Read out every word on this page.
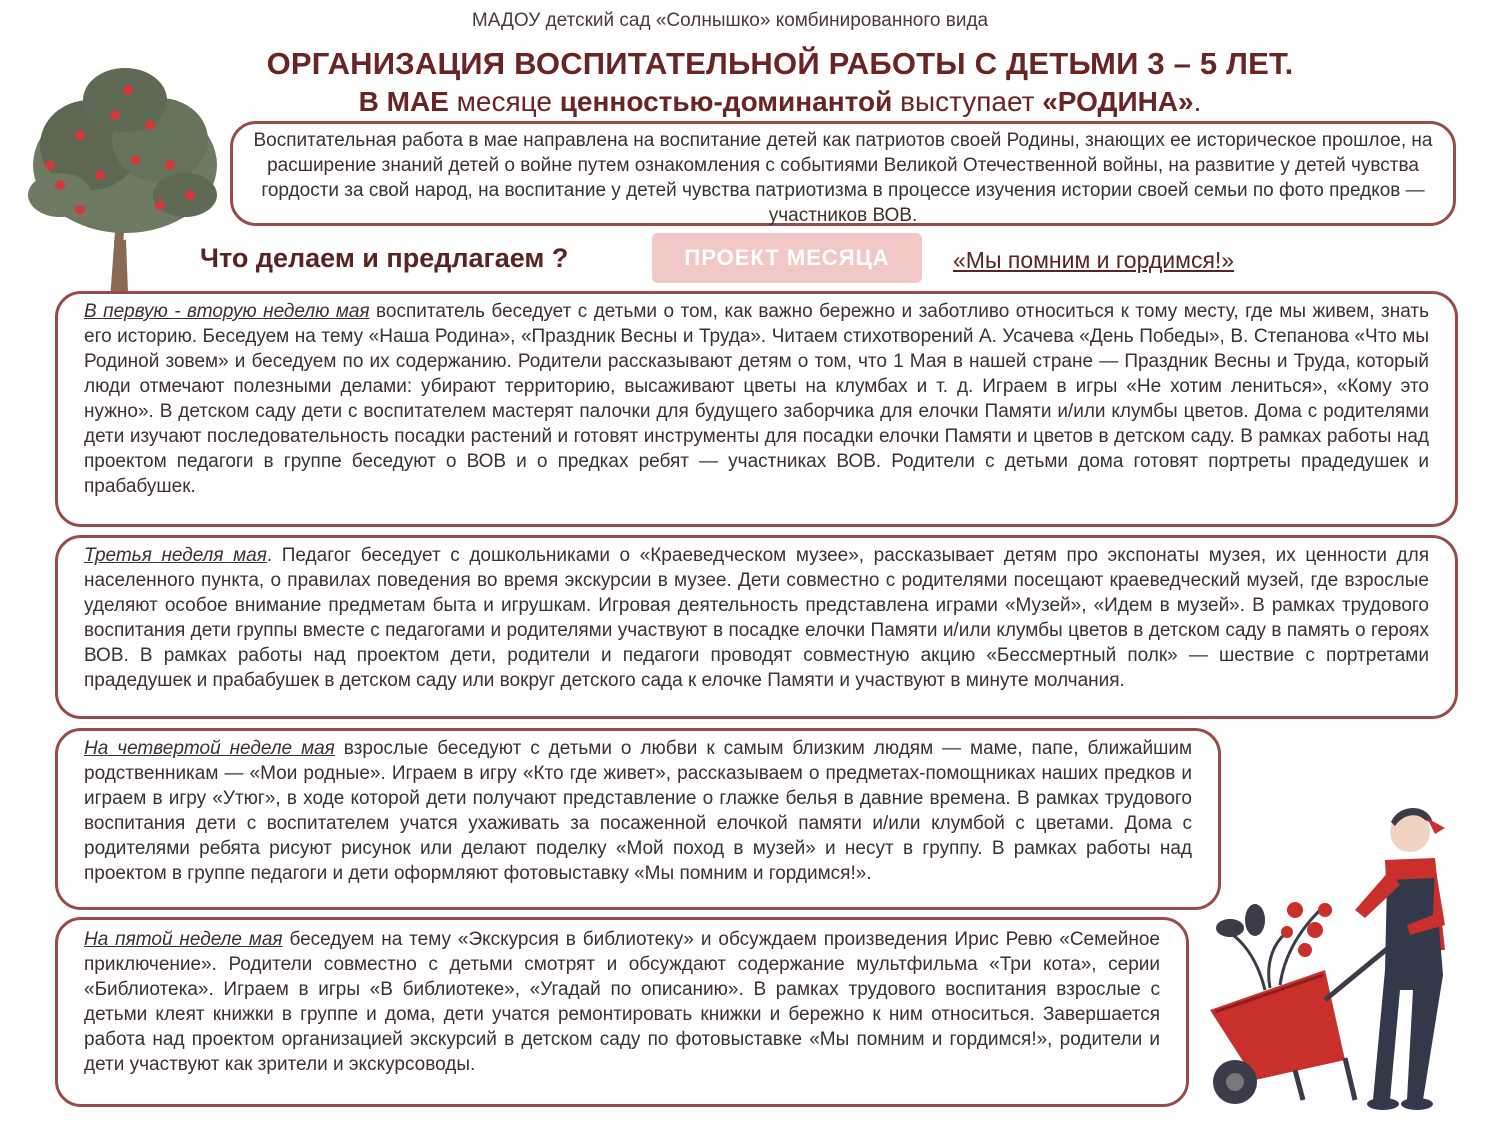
МАДОУ детский сад «Солнышко» комбинированного вида
ОРГАНИЗАЦИЯ ВОСПИТАТЕЛЬНОЙ РАБОТЫ С ДЕТЬМИ 3 – 5 ЛЕТ.
В МАЕ месяце ценностью-доминантой выступает «РОДИНА».
Воспитательная работа в мае направлена на воспитание детей как патриотов своей Родины, знающих ее историческое прошлое, на расширение знаний детей о войне путем ознакомления с событиями Великой Отечественной войны, на развитие у детей чувства гордости за свой народ, на воспитание у детей чувства патриотизма в процессе изучения истории своей семьи по фото предков — участников ВОВ.
Что делаем и предлагаем ?	ПРОЕКТ МЕСЯЦА	«Мы помним и гордимся!»
В первую - вторую неделю мая воспитатель беседует с детьми о том, как важно бережно и заботливо относиться к тому месту, где мы живем, знать его историю. Беседуем на тему «Наша Родина», «Праздник Весны и Труда». Читаем стихотворений А. Усачева «День Победы», В. Степанова «Что мы Родиной зовем» и беседуем по их содержанию. Родители рассказывают детям о том, что 1 Мая в нашей стране — Праздник Весны и Труда, который люди отмечают полезными делами: убирают территорию, высаживают цветы на клумбах и т. д. Играем в игры «Не хотим лениться», «Кому это нужно». В детском саду дети с воспитателем мастерят палочки для будущего заборчика для елочки Памяти и/или клумбы цветов. Дома с родителями дети изучают последовательность посадки растений и готовят инструменты для посадки елочки Памяти и цветов в детском саду. В рамках работы над проектом педагоги в группе беседуют о ВОВ и о предках ребят — участниках ВОВ. Родители с детьми дома готовят портреты прадедушек и прабабушек.
Третья неделя мая. Педагог беседует с дошкольниками о «Краеведческом музее», рассказывает детям про экспонаты музея, их ценности для населенного пункта, о правилах поведения во время экскурсии в музее. Дети совместно с родителями посещают краеведческий музей, где взрослые уделяют особое внимание предметам быта и игрушкам. Игровая деятельность представлена играми «Музей», «Идем в музей». В рамках трудового воспитания дети группы вместе с педагогами и родителями участвуют в посадке елочки Памяти и/или клумбы цветов в детском саду в память о героях ВОВ. В рамках работы над проектом дети, родители и педагоги проводят совместную акцию «Бессмертный полк» — шествие с портретами прадедушек и прабабушек в детском саду или вокруг детского сада к елочке Памяти и участвуют в минуте молчания.
На четвертой неделе мая взрослые беседуют с детьми о любви к самым близким людям — маме, папе, ближайшим родственникам — «Мои родные». Играем в игру «Кто где живет», рассказываем о предметах-помощниках наших предков и играем в игру «Утюг», в ходе которой дети получают представление о глажке белья в давние времена. В рамках трудового воспитания дети с воспитателем учатся ухаживать за посаженной елочкой памяти и/или клумбой с цветами. Дома с родителями ребята рисуют рисунок или делают поделку «Мой поход в музей» и несут в группу. В рамках работы над проектом в группе педагоги и дети оформляют фотовыставку «Мы помним и гордимся!».
На пятой неделе мая беседуем на тему «Экскурсия в библиотеку» и обсуждаем произведения Ирис Ревю «Семейное приключение». Родители совместно с детьми смотрят и обсуждают содержание мультфильма «Три кота», серии «Библиотека». Играем в игры «В библиотеке», «Угадай по описанию». В рамках трудового воспитания взрослые с детьми клеят книжки в группе и дома, дети учатся ремонтировать книжки и бережно к ним относиться. Завершается работа над проектом организацией экскурсий в детском саду по фотовыставке «Мы помним и гордимся!», родители и дети участвуют как зрители и экскурсоводы.
